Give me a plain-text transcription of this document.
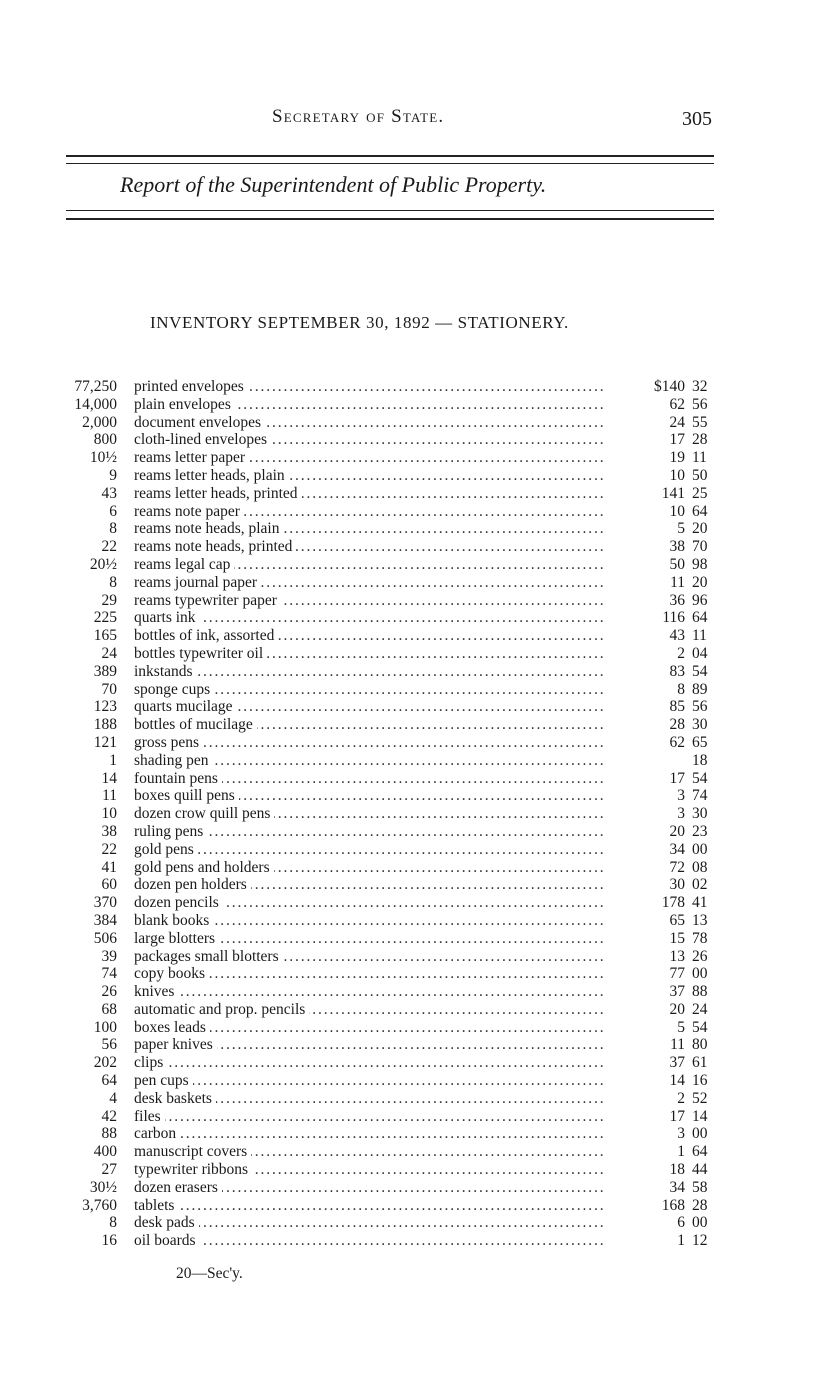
Secretary of State.	305
Report of the Superintendent of Public Property.
INVENTORY SEPTEMBER 30, 1892 — STATIONERY.
77,250 printed envelopes . . .	$140 32
14,000 plain envelopes . . .	62 56
2,000 document envelopes . . .	24 55
800 cloth-lined envelopes . . .	17 28
10½ reams letter paper . . .	19 11
9 reams letter heads, plain . . .	10 50
43 reams letter heads, printed . . .	141 25
6 reams note paper . . .	10 64
8 reams note heads, plain . . .	5 20
22 reams note heads, printed . . .	38 70
20½ reams legal cap . . .	50 98
8 reams journal paper . . .	11 20
29 reams typewriter paper . . .	36 96
225 quarts ink . . .	116 64
165 bottles of ink, assorted . . .	43 11
24 bottles typewriter oil . . .	2 04
389 inkstands . . .	83 54
70 sponge cups . . .	8 89
123 quarts mucilage . . .	85 56
188 bottles of mucilage . . .	28 30
121 gross pens . . .	62 65
1 shading pen . . .	18
14 fountain pens . . .	17 54
11 boxes quill pens . . .	3 74
10 dozen crow quill pens . . .	3 30
38 ruling pens . . .	20 23
22 gold pens . . .	34 00
41 gold pens and holders . . .	72 08
60 dozen pen holders . . .	30 02
370 dozen pencils . . .	178 41
384 blank books . . .	65 13
506 large blotters . . .	15 78
39 packages small blotters . . .	13 26
74 copy books . . .	77 00
26 knives . . .	37 88
68 automatic and prop. pencils . . .	20 24
100 boxes leads . . .	5 54
56 paper knives . . .	11 80
202 clips . . .	37 61
64 pen cups . . .	14 16
4 desk baskets . . .	2 52
42 files . . .	17 14
88 carbon . . .	3 00
400 manuscript covers . . .	1 64
27 typewriter ribbons . . .	18 44
30½ dozen erasers . . .	34 58
3,760 tablets . . .	168 28
8 desk pads . . .	6 00
16 oil boards . . .	1 12
20—Sec'y.
